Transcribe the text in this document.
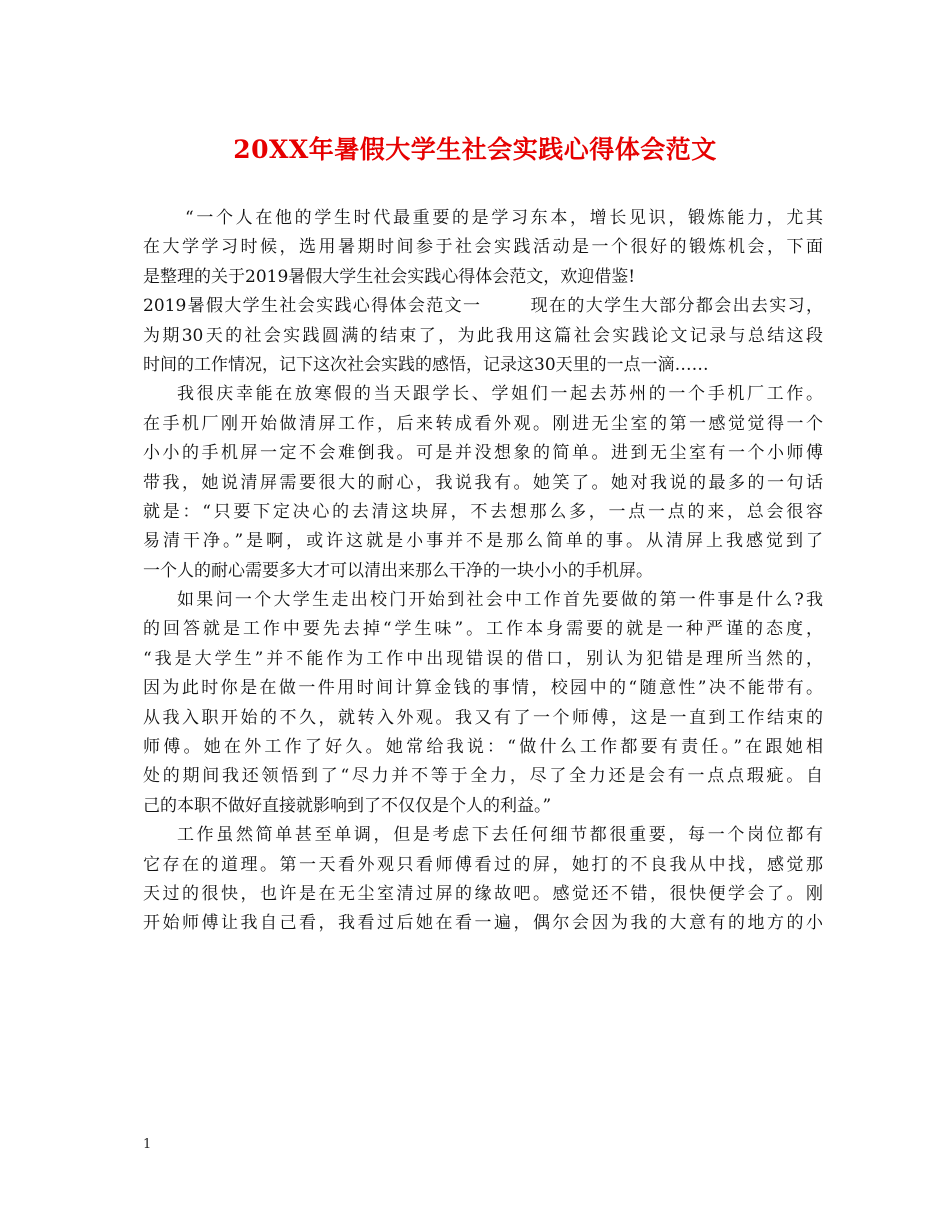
20XX年暑假大学生社会实践心得体会范文
“一个人在他的学生时代最重要的是学习东本，增长见识，锻炼能力，尤其
在大学学习时候，选用暑期时间参于社会实践活动是一个很好的锻炼机会，下面
是整理的关于2019暑假大学生社会实践心得体会范文，欢迎借鉴!
2019暑假大学生社会实践心得体会范文一	现在的大学生大部分都会出去实习，
为期30天的社会实践圆满的结束了，为此我用这篇社会实践论文记录与总结这段
时间的工作情况，记下这次社会实践的感悟，记录这30天里的一点一滴……
我很庆幸能在放寒假的当天跟学长、学姐们一起去苏州的一个手机厂工作。
在手机厂刚开始做清屏工作，后来转成看外观。刚进无尘室的第一感觉觉得一个
小小的手机屏一定不会难倒我。可是并没想象的简单。进到无尘室有一个小师傅
带我，她说清屏需要很大的耐心，我说我有。她笑了。她对我说的最多的一句话
就是：“只要下定决心的去清这块屏，不去想那么多，一点一点的来，总会很容
易清干净。”是啊，或许这就是小事并不是那么简单的事。从清屏上我感觉到了
一个人的耐心需要多大才可以清出来那么干净的一块小小的手机屏。
如果问一个大学生走出校门开始到社会中工作首先要做的第一件事是什么?我
的回答就是工作中要先去掉“学生味”。工作本身需要的就是一种严谨的态度，
“我是大学生”并不能作为工作中出现错误的借口，别认为犯错是理所当然的，
因为此时你是在做一件用时间计算金钱的事情，校园中的“随意性”决不能带有。
从我入职开始的不久，就转入外观。我又有了一个师傅，这是一直到工作结束的
师傅。她在外工作了好久。她常给我说：“做什么工作都要有责任。”在跟她相
处的期间我还领悟到了“尽力并不等于全力，尽了全力还是会有一点点瑕疵。自
己的本职不做好直接就影响到了不仅仅是个人的利益。”
工作虽然简单甚至单调，但是考虑下去任何细节都很重要，每一个岗位都有
它存在的道理。第一天看外观只看师傅看过的屏，她打的不良我从中找，感觉那
天过的很快，也许是在无尘室清过屏的缘故吧。感觉还不错，很快便学会了。刚
开始师傅让我自己看，我看过后她在看一遍，偶尔会因为我的大意有的地方的小
1
